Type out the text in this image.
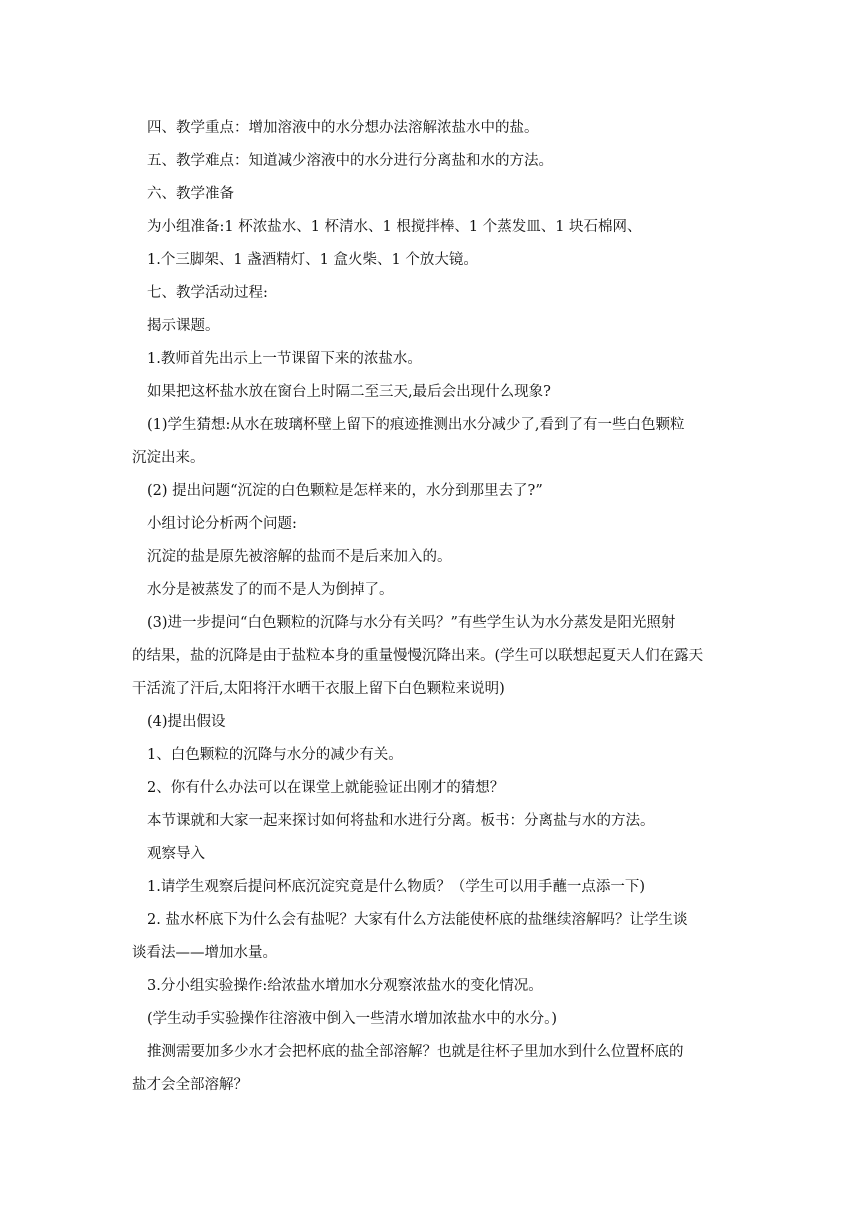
四、教学重点：增加溶液中的水分想办法溶解浓盐水中的盐。

五、教学难点：知道减少溶液中的水分进行分离盐和水的方法。

六、教学准备

为小组准备:1 杯浓盐水、1 杯清水、1 根搅拌棒、1 个蒸发皿、1 块石棉网、

1.个三脚架、1 盏酒精灯、1 盒火柴、1 个放大镜。

七、教学活动过程:

揭示课题。

1.教师首先出示上一节课留下来的浓盐水。

如果把这杯盐水放在窗台上时隔二至三天,最后会出现什么现象?

(1)学生猜想:从水在玻璃杯壁上留下的痕迹推测出水分减少了,看到了有一些白色颗粒

沉淀出来。

(2) 提出问题“沉淀的白色颗粒是怎样来的，水分到那里去了?”

小组讨论分析两个问题:

沉淀的盐是原先被溶解的盐而不是后来加入的。

水分是被蒸发了的而不是人为倒掉了。

(3)进一步提问“白色颗粒的沉降与水分有关吗？”有些学生认为水分蒸发是阳光照射

的结果，盐的沉降是由于盐粒本身的重量慢慢沉降出来。(学生可以联想起夏天人们在露天

干活流了汗后,太阳将汗水晒干衣服上留下白色颗粒来说明)

(4)提出假设

1、白色颗粒的沉降与水分的减少有关。

2、你有什么办法可以在课堂上就能验证出刚才的猜想？

本节课就和大家一起来探讨如何将盐和水进行分离。板书：分离盐与水的方法。

观察导入

1.请学生观察后提问杯底沉淀究竟是什么物质？（学生可以用手蘸一点添一下)

2. 盐水杯底下为什么会有盐呢？大家有什么方法能使杯底的盐继续溶解吗？让学生谈

谈看法——增加水量。

3.分小组实验操作:给浓盐水增加水分观察浓盐水的变化情况。

(学生动手实验操作往溶液中倒入一些清水增加浓盐水中的水分。)

推测需要加多少水才会把杯底的盐全部溶解？也就是往杯子里加水到什么位置杯底的

盐才会全部溶解？
